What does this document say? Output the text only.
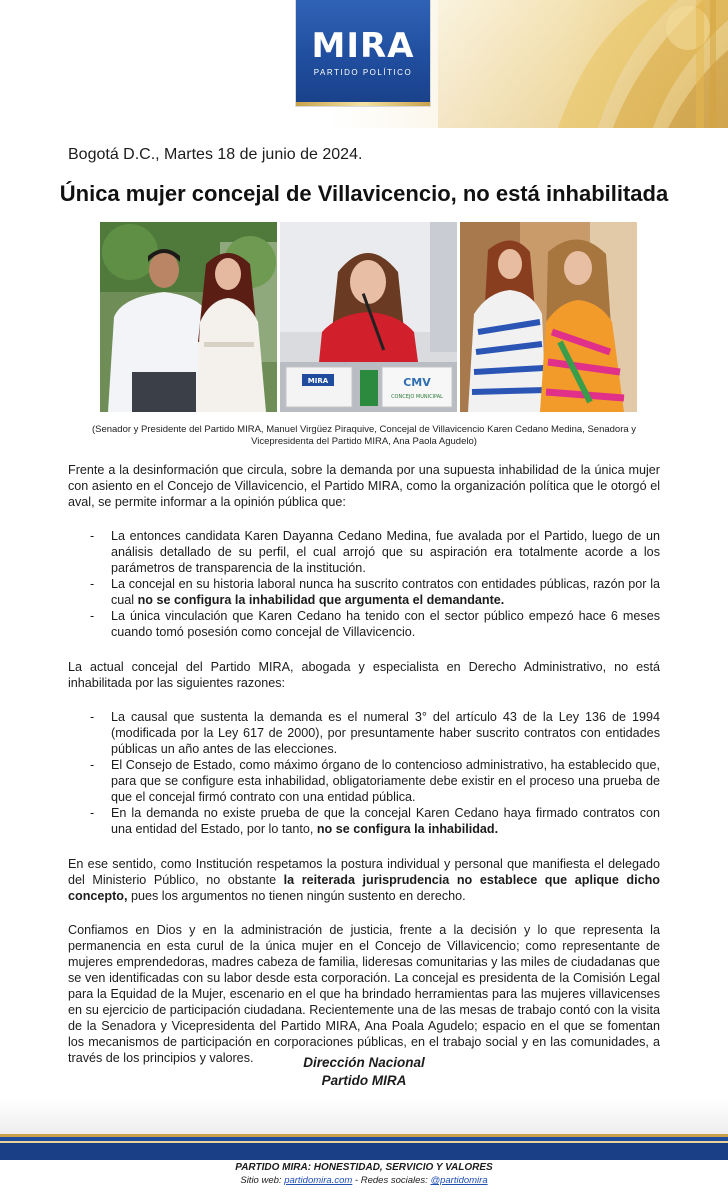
MIRA
PARTIDO POLÍTICO
Bogotá D.C., Martes 18 de junio de 2024.
Única mujer concejal de Villavicencio, no está inhabilitada
MIRA	CMV
CONCEJO MUNICIPAL
(Senador y Presidente del Partido MIRA, Manuel Virgüez Piraquive, Concejal de Villavicencio Karen Cedano Medina, Senadora y Vicepresidenta del Partido MIRA, Ana Paola Agudelo)

Frente a la desinformación que circula, sobre la demanda por una supuesta inhabilidad de la única mujer con asiento en el Concejo de Villavicencio, el Partido MIRA, como la organización política que le otorgó el aval, se permite informar a la opinión pública que:

- La entonces candidata Karen Dayanna Cedano Medina, fue avalada por el Partido, luego de un análisis detallado de su perfil, el cual arrojó que su aspiración era totalmente acorde a los parámetros de transparencia de la institución.
- La concejal en su historia laboral nunca ha suscrito contratos con entidades públicas, razón por la cual no se configura la inhabilidad que argumenta el demandante.
- La única vinculación que Karen Cedano ha tenido con el sector público empezó hace 6 meses cuando tomó posesión como concejal de Villavicencio.

La actual concejal del Partido MIRA, abogada y especialista en Derecho Administrativo, no está inhabilitada por las siguientes razones:

- La causal que sustenta la demanda es el numeral 3° del artículo 43 de la Ley 136 de 1994 (modificada por la Ley 617 de 2000), por presuntamente haber suscrito contratos con entidades públicas un año antes de las elecciones.
- El Consejo de Estado, como máximo órgano de lo contencioso administrativo, ha establecido que, para que se configure esta inhabilidad, obligatoriamente debe existir en el proceso una prueba de que el concejal firmó contrato con una entidad pública.
- En la demanda no existe prueba de que la concejal Karen Cedano haya firmado contratos con una entidad del Estado, por lo tanto, no se configura la inhabilidad.

En ese sentido, como Institución respetamos la postura individual y personal que manifiesta el delegado del Ministerio Público, no obstante la reiterada jurisprudencia no establece que aplique dicho concepto, pues los argumentos no tienen ningún sustento en derecho.

Confiamos en Dios y en la administración de justicia, frente a la decisión y lo que representa la permanencia en esta curul de la única mujer en el Concejo de Villavicencio; como representante de mujeres emprendedoras, madres cabeza de familia, lideresas comunitarias y las miles de ciudadanas que se ven identificadas con su labor desde esta corporación. La concejal es presidenta de la Comisión Legal para la Equidad de la Mujer, escenario en el que ha brindado herramientas para las mujeres villavicenses en su ejercicio de participación ciudadana. Recientemente una de las mesas de trabajo contó con la visita de la Senadora y Vicepresidenta del Partido MIRA, Ana Poala Agudelo; espacio en el que se fomentan los mecanismos de participación en corporaciones públicas, en el trabajo social y en las comunidades, a través de los principios y valores.	Dirección Nacional
Partido MIRA
PARTIDO MIRA: HONESTIDAD, SERVICIO Y VALORES
Sitio web: partidomira.com - Redes sociales: @partidomira
